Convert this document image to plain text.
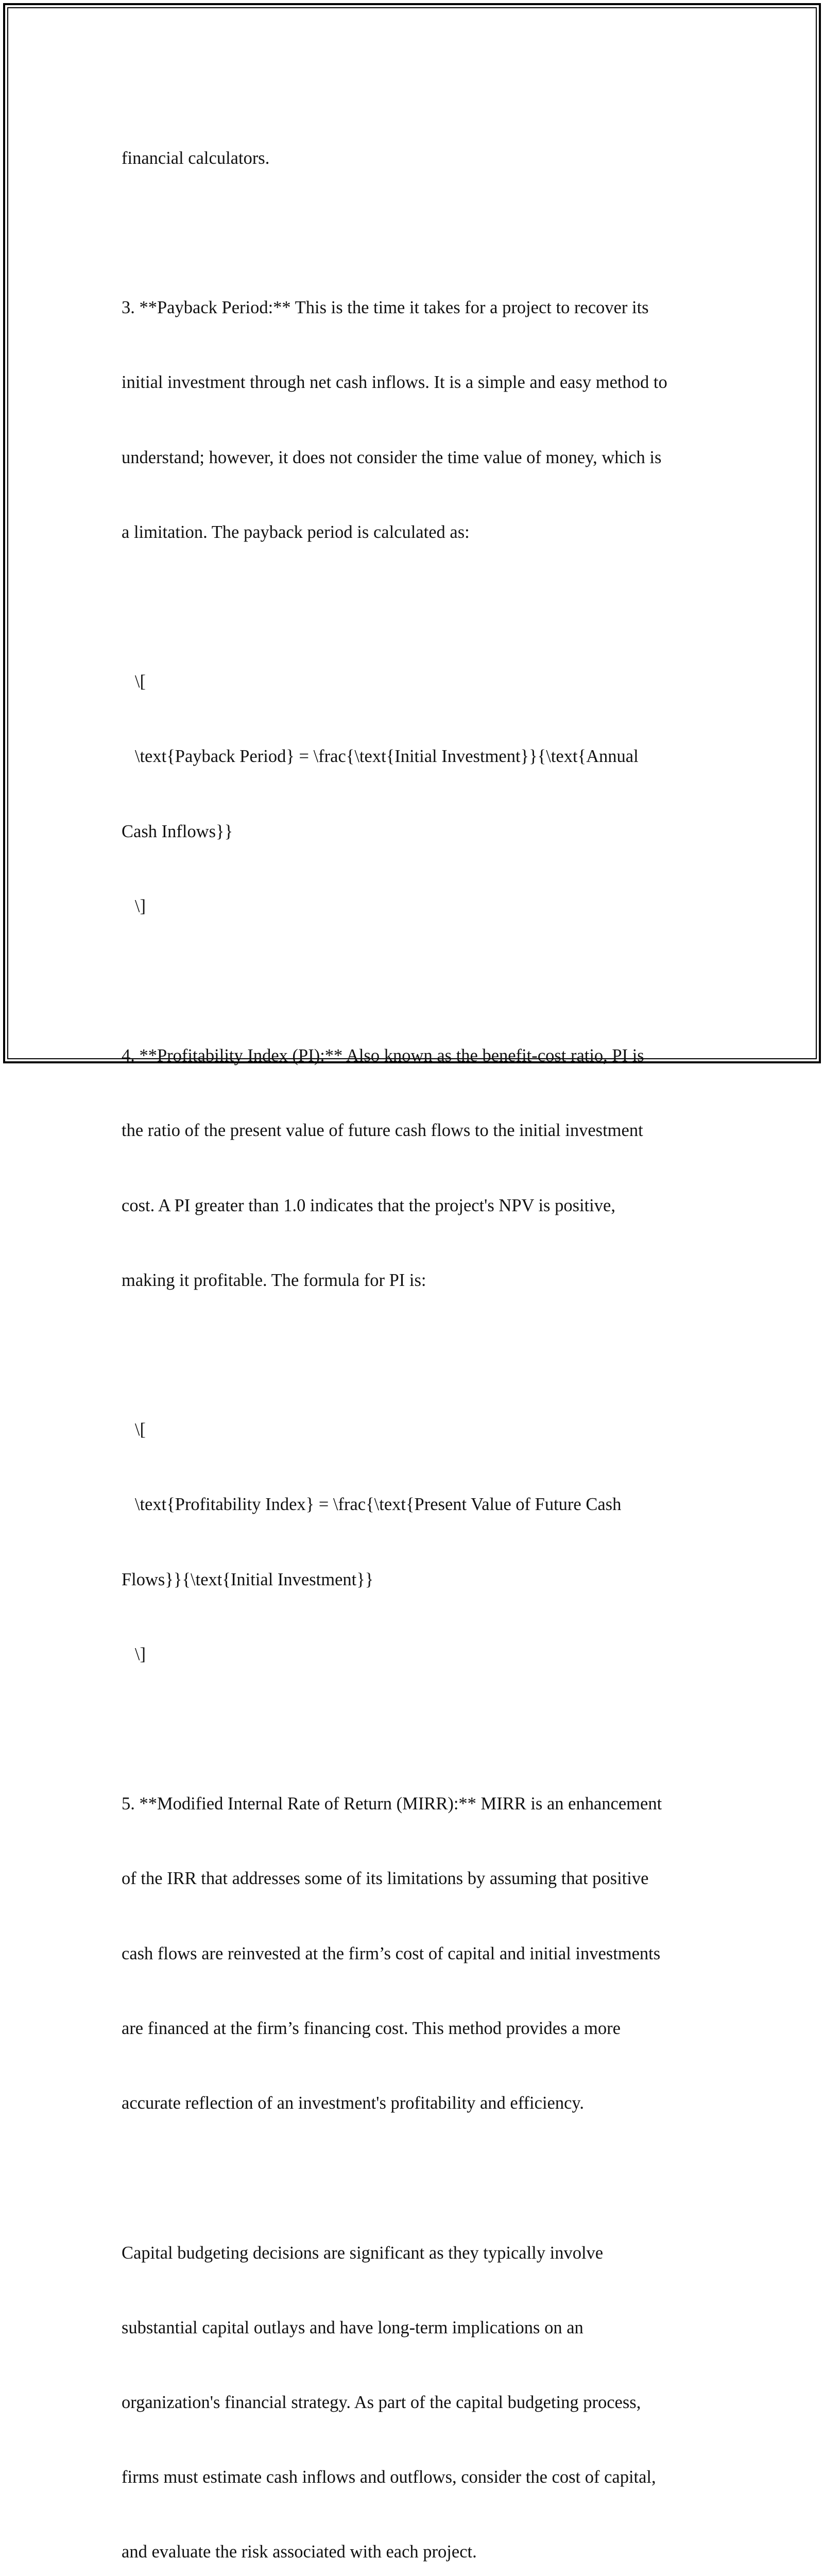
financial calculators.

3. **Payback Period:** This is the time it takes for a project to recover its

initial investment through net cash inflows. It is a simple and easy method to

understand; however, it does not consider the time value of money, which is

a limitation. The payback period is calculated as:

\[

\text{Payback Period} = \frac{\text{Initial Investment}}{\text{Annual

Cash Inflows}}

\]

4. **Profitability Index (PI):** Also known as the benefit-cost ratio, PI is

the ratio of the present value of future cash flows to the initial investment

cost. A PI greater than 1.0 indicates that the project's NPV is positive,

making it profitable. The formula for PI is:

\[

\text{Profitability Index} = \frac{\text{Present Value of Future Cash

Flows}}{\text{Initial Investment}}

\]

5. **Modified Internal Rate of Return (MIRR):** MIRR is an enhancement

of the IRR that addresses some of its limitations by assuming that positive

cash flows are reinvested at the firm’s cost of capital and initial investments

are financed at the firm’s financing cost. This method provides a more

accurate reflection of an investment's profitability and efficiency.

Capital budgeting decisions are significant as they typically involve

substantial capital outlays and have long-term implications on an

organization's financial strategy. As part of the capital budgeting process,

firms must estimate cash inflows and outflows, consider the cost of capital,

and evaluate the risk associated with each project.
